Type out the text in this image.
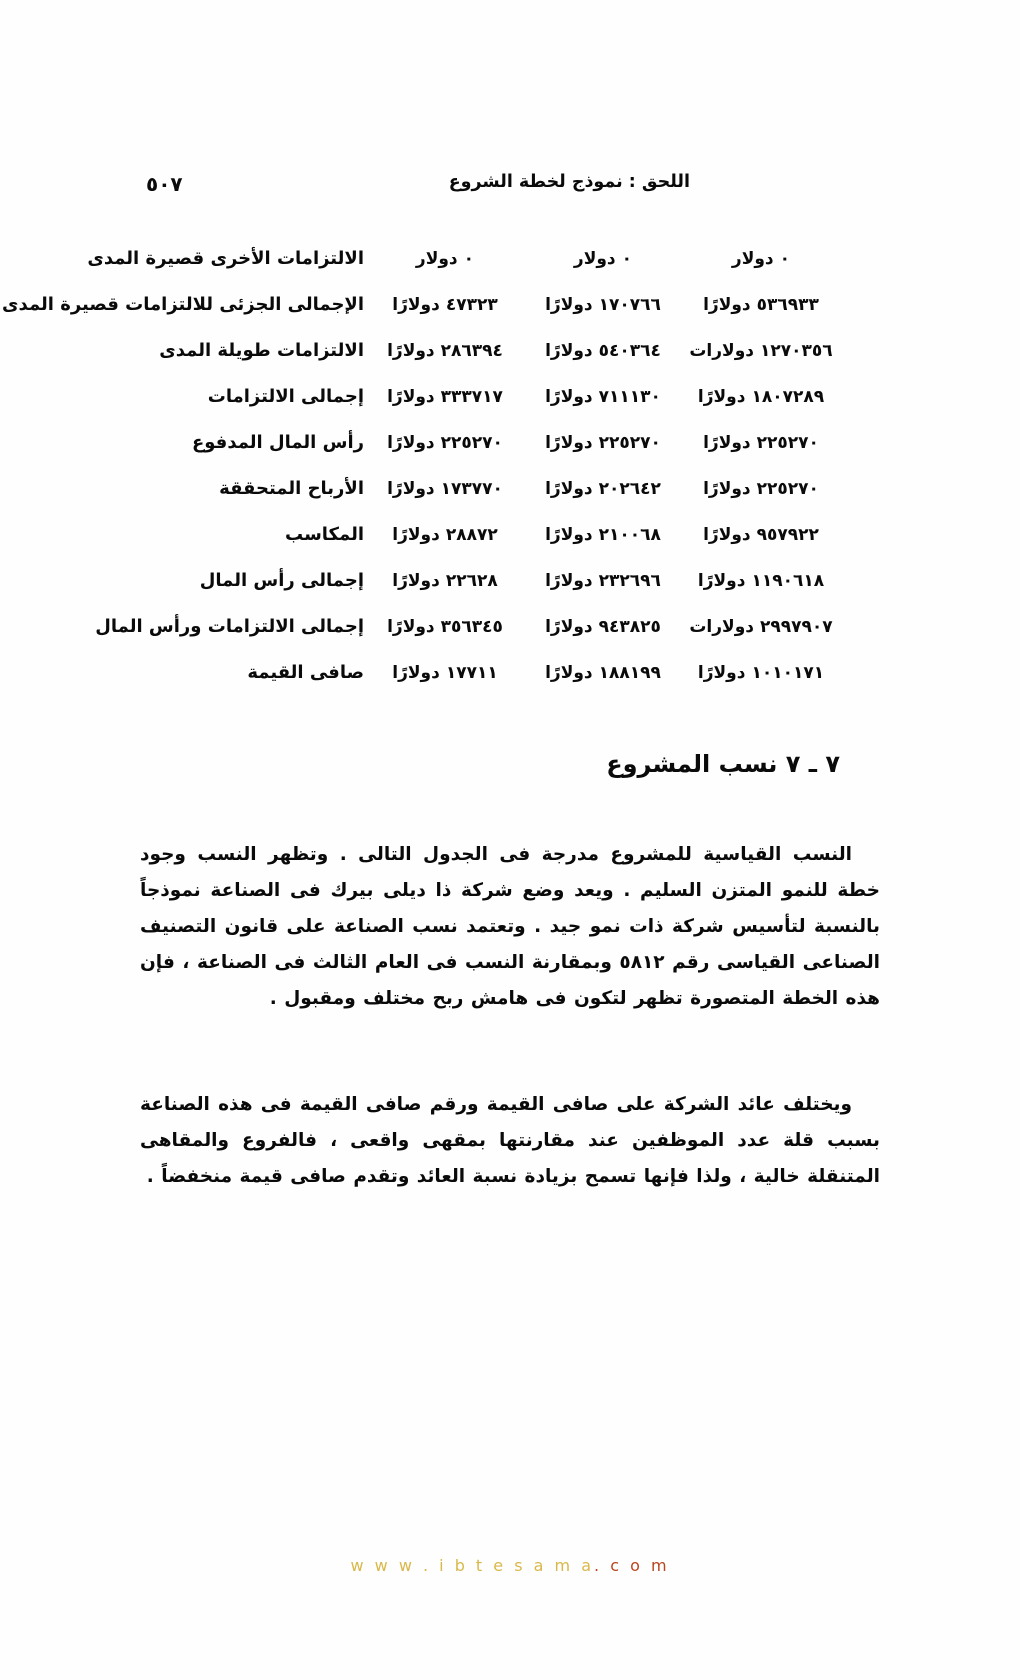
اللحق : نموذج لخطة الشروع
٥٠٧
٠دولار
٠دولار
٠دولار
الالتزامات الأخرى قصيرة المدى
٥٣٦٩٣٣دولارًا
١٧٠٧٦٦دولارًا
٤٧٣٢٣دولارًا
الإجمالى الجزئى للالتزامات قصيرة المدى
١٢٧٠٣٥٦دولارات
٥٤٠٣٦٤دولارًا
٢٨٦٣٩٤دولارًا
الالتزامات طويلة المدى
١٨٠٧٢٨٩دولارًا
٧١١١٣٠دولارًا
٣٣٣٧١٧دولارًا
إجمالى الالتزامات
٢٢٥٢٧٠دولارًا
٢٢٥٢٧٠دولارًا
٢٢٥٢٧٠دولارًا
رأس المال المدفوع
٢٢٥٢٧٠دولارًا
٢٠٢٦٤٢دولارًا
١٧٣٧٧٠دولارًا
الأرباح المتحققة
٩٥٧٩٢٢دولارًا
٢١٠٠٦٨دولارًا
٢٨٨٧٢دولارًا
المكاسب
١١٩٠٦١٨دولارًا
٢٣٢٦٩٦دولارًا
٢٢٦٢٨دولارًا
إجمالى رأس المال
٢٩٩٧٩٠٧دولارات
٩٤٣٨٢٥دولارًا
٣٥٦٣٤٥دولارًا
إجمالى الالتزامات ورأس المال
١٠١٠١٧١دولارًا
١٨٨١٩٩دولارًا
١٧٧١١دولارًا
صافى القيمة
٧ ـ ٧ نسب المشروع

النسب القياسية للمشروع مدرجة فى الجدول التالى . وتظهر النسب وجود خطة للنمو المتزن السليم . ويعد وضع شركة ذا ديلى بيرك فى الصناعة نموذجاً بالنسبة لتأسيس شركة ذات نمو جيد . وتعتمد نسب الصناعة على قانون التصنيف الصناعى القياسى رقم ٥٨١٢ وبمقارنة النسب فى العام الثالث فى الصناعة ، فإن هذه الخطة المتصورة تظهر لتكون فى هامش ربح مختلف ومقبول .

ويختلف عائد الشركة على صافى القيمة ورقم صافى القيمة فى هذه الصناعة بسبب قلة عدد الموظفين عند مقارنتها بمقهى واقعى ، فالفروع والمقاهى المتنقلة خالية ، ولذا فإنها تسمح بزيادة نسبة العائد وتقدم صافى قيمة منخفضاً .

w w w . i b t e s a m a. c o m
